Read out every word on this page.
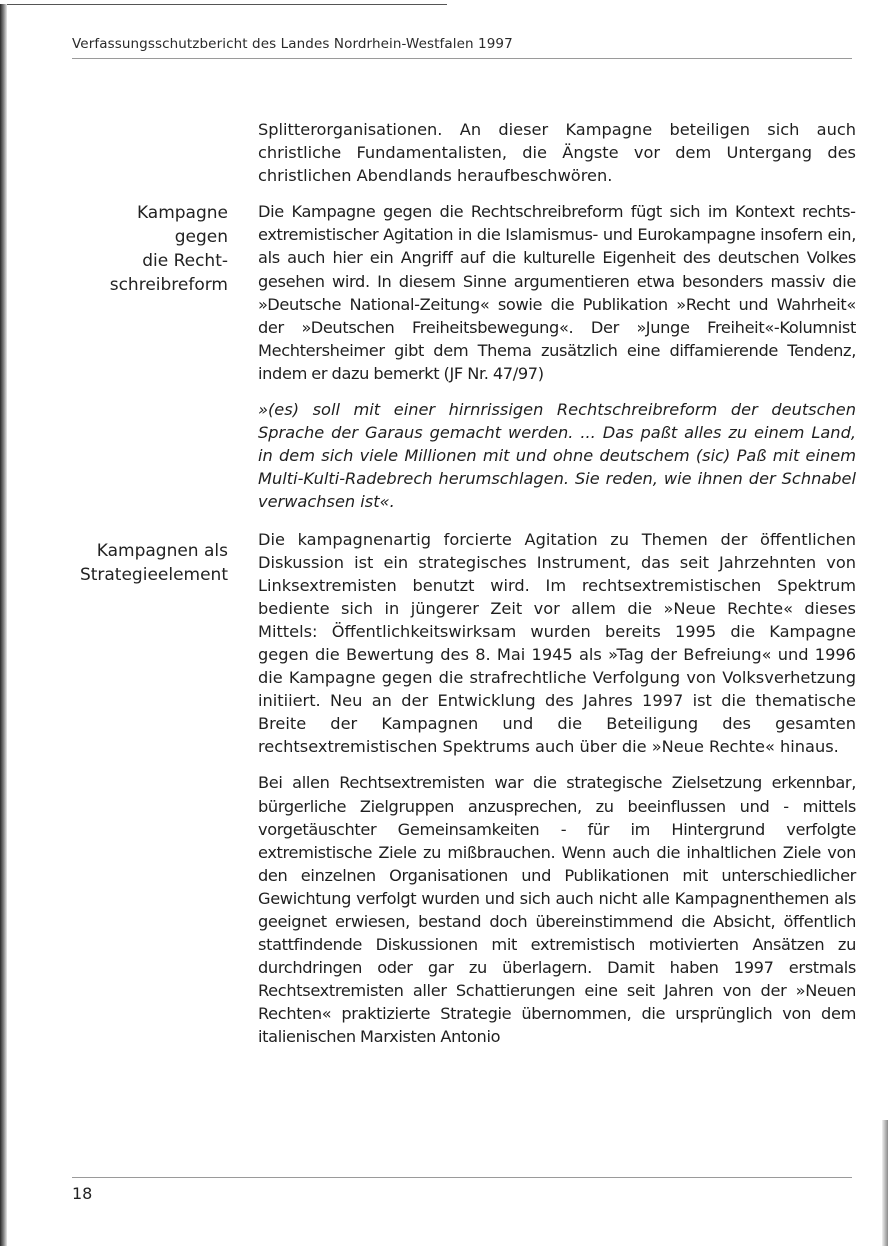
Verfassungsschutzbericht des Landes Nordrhein-Westfalen 1997
Kampagne
gegen
die Recht-
schreibreform
Kampagnen als
Strategieelement

Splitterorganisationen. An dieser Kampagne beteiligen sich auch christliche Fundamentalisten, die Ängste vor dem Untergang des christlichen Abendlands heraufbeschwören.

Die Kampagne gegen die Rechtschreibreform fügt sich im Kontext rechtsextremistischer Agitation in die Islamismus- und Eurokampagne insofern ein, als auch hier ein Angriff auf die kulturelle Eigenheit des deutschen Volkes gesehen wird. In diesem Sinne argumentieren etwa besonders massiv die »Deutsche National-Zeitung« sowie die Publikation »Recht und Wahrheit« der »Deutschen Freiheitsbewegung«. Der »Junge Freiheit«-Kolumnist Mechtersheimer gibt dem Thema zusätzlich eine diffamierende Tendenz, indem er dazu bemerkt (JF Nr. 47/97)

»(es) soll mit einer hirnrissigen Rechtschreibreform der deutschen Sprache der Garaus gemacht werden. ... Das paßt alles zu einem Land, in dem sich viele Millionen mit und ohne deutschem (sic) Paß mit einem Multi-Kulti-Radebrech herumschlagen. Sie reden, wie ihnen der Schnabel verwachsen ist«.

Die kampagnenartig forcierte Agitation zu Themen der öffentlichen Diskussion ist ein strategisches Instrument, das seit Jahrzehnten von Linksextremisten benutzt wird. Im rechtsextremistischen Spektrum bediente sich in jüngerer Zeit vor allem die »Neue Rechte« dieses Mittels: Öffentlichkeitswirksam wurden bereits 1995 die Kampagne gegen die Bewertung des 8. Mai 1945 als »Tag der Befreiung« und 1996 die Kampagne gegen die strafrechtliche Verfolgung von Volksverhetzung initiiert. Neu an der Entwicklung des Jahres 1997 ist die thematische Breite der Kampagnen und die Beteiligung des gesamten rechtsextremistischen Spektrums auch über die »Neue Rechte« hinaus.

Bei allen Rechtsextremisten war die strategische Zielsetzung erkennbar, bürgerliche Zielgruppen anzusprechen, zu beeinflussen und - mittels vorgetäuschter Gemeinsamkeiten - für im Hintergrund verfolgte extremistische Ziele zu mißbrauchen. Wenn auch die inhaltlichen Ziele von den einzelnen Organisationen und Publikationen mit unterschiedlicher Gewichtung verfolgt wurden und sich auch nicht alle Kampagnenthemen als geeignet erwiesen, bestand doch übereinstimmend die Absicht, öffentlich stattfindende Diskussionen mit extremistisch motivierten Ansätzen zu durchdringen oder gar zu überlagern. Damit haben 1997 erstmals Rechtsextremisten aller Schattierungen eine seit Jahren von der »Neuen Rechten« praktizierte Strategie übernommen, die ursprünglich von dem italienischen Marxisten Antonio

18
